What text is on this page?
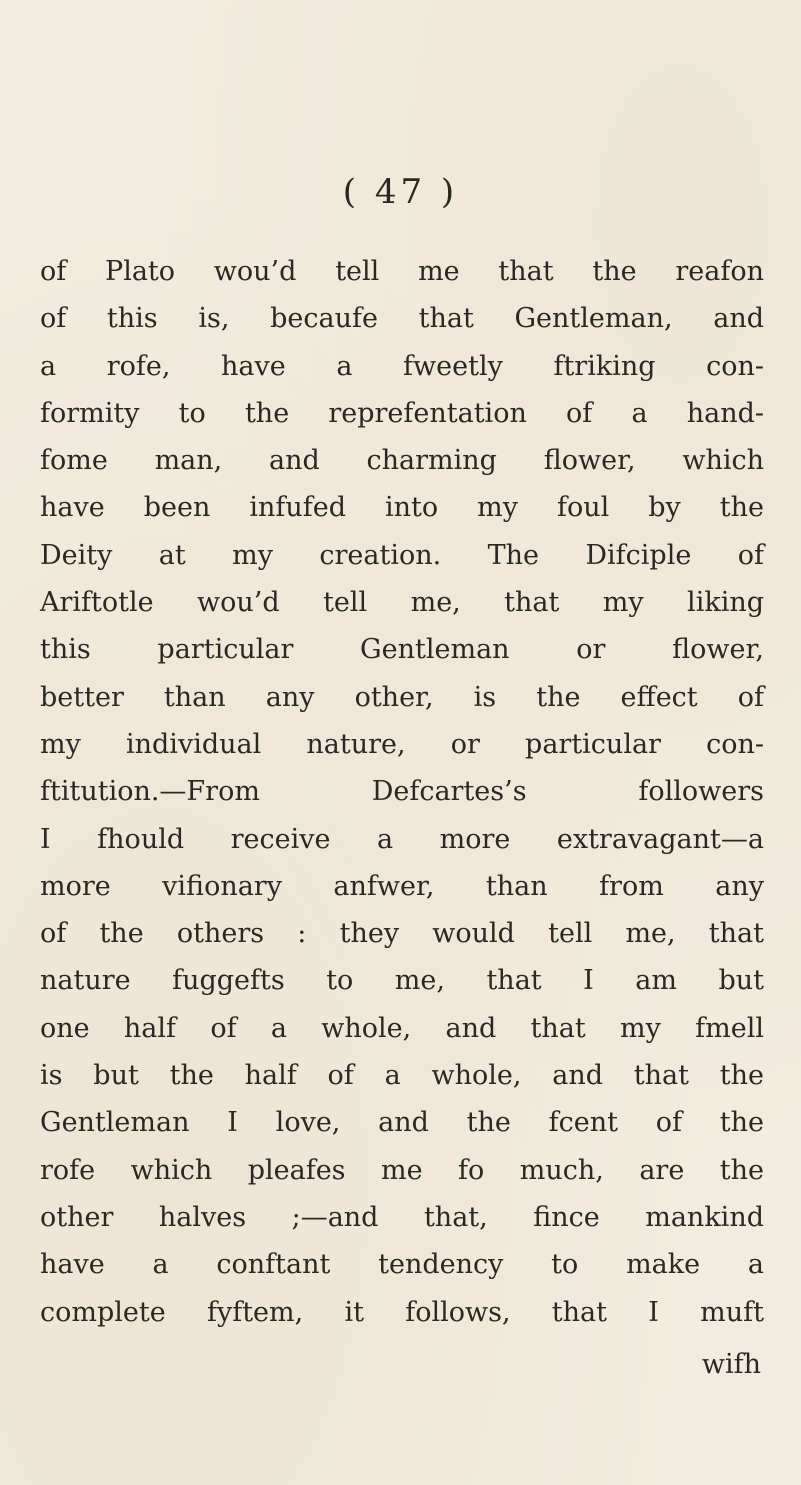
( 47 )
of Plato wou’d tell me that the reafon
of this is, becaufe that Gentleman, and
a rofe, have a fweetly ftriking con-
formity to the reprefentation of a hand-
fome man, and charming flower, which
have been infufed into my foul by the
Deity at my creation. The Difciple of
Ariftotle wou’d tell me, that my liking
this particular Gentleman or flower,
better than any other, is the effect of
my individual nature, or particular con-
ftitution.—From Defcartes’s followers
I fhould receive a more extravagant—a
more vifionary anfwer, than from any
of the others : they would tell me, that
nature fuggefts to me, that I am but
one half of a whole, and that my fmell
is but the half of a whole, and that the
Gentleman I love, and the fcent of the
rofe which pleafes me fo much, are the
other halves ;—and that, fince mankind
have a conftant tendency to make a
complete fyftem, it follows, that I muft
wifh
